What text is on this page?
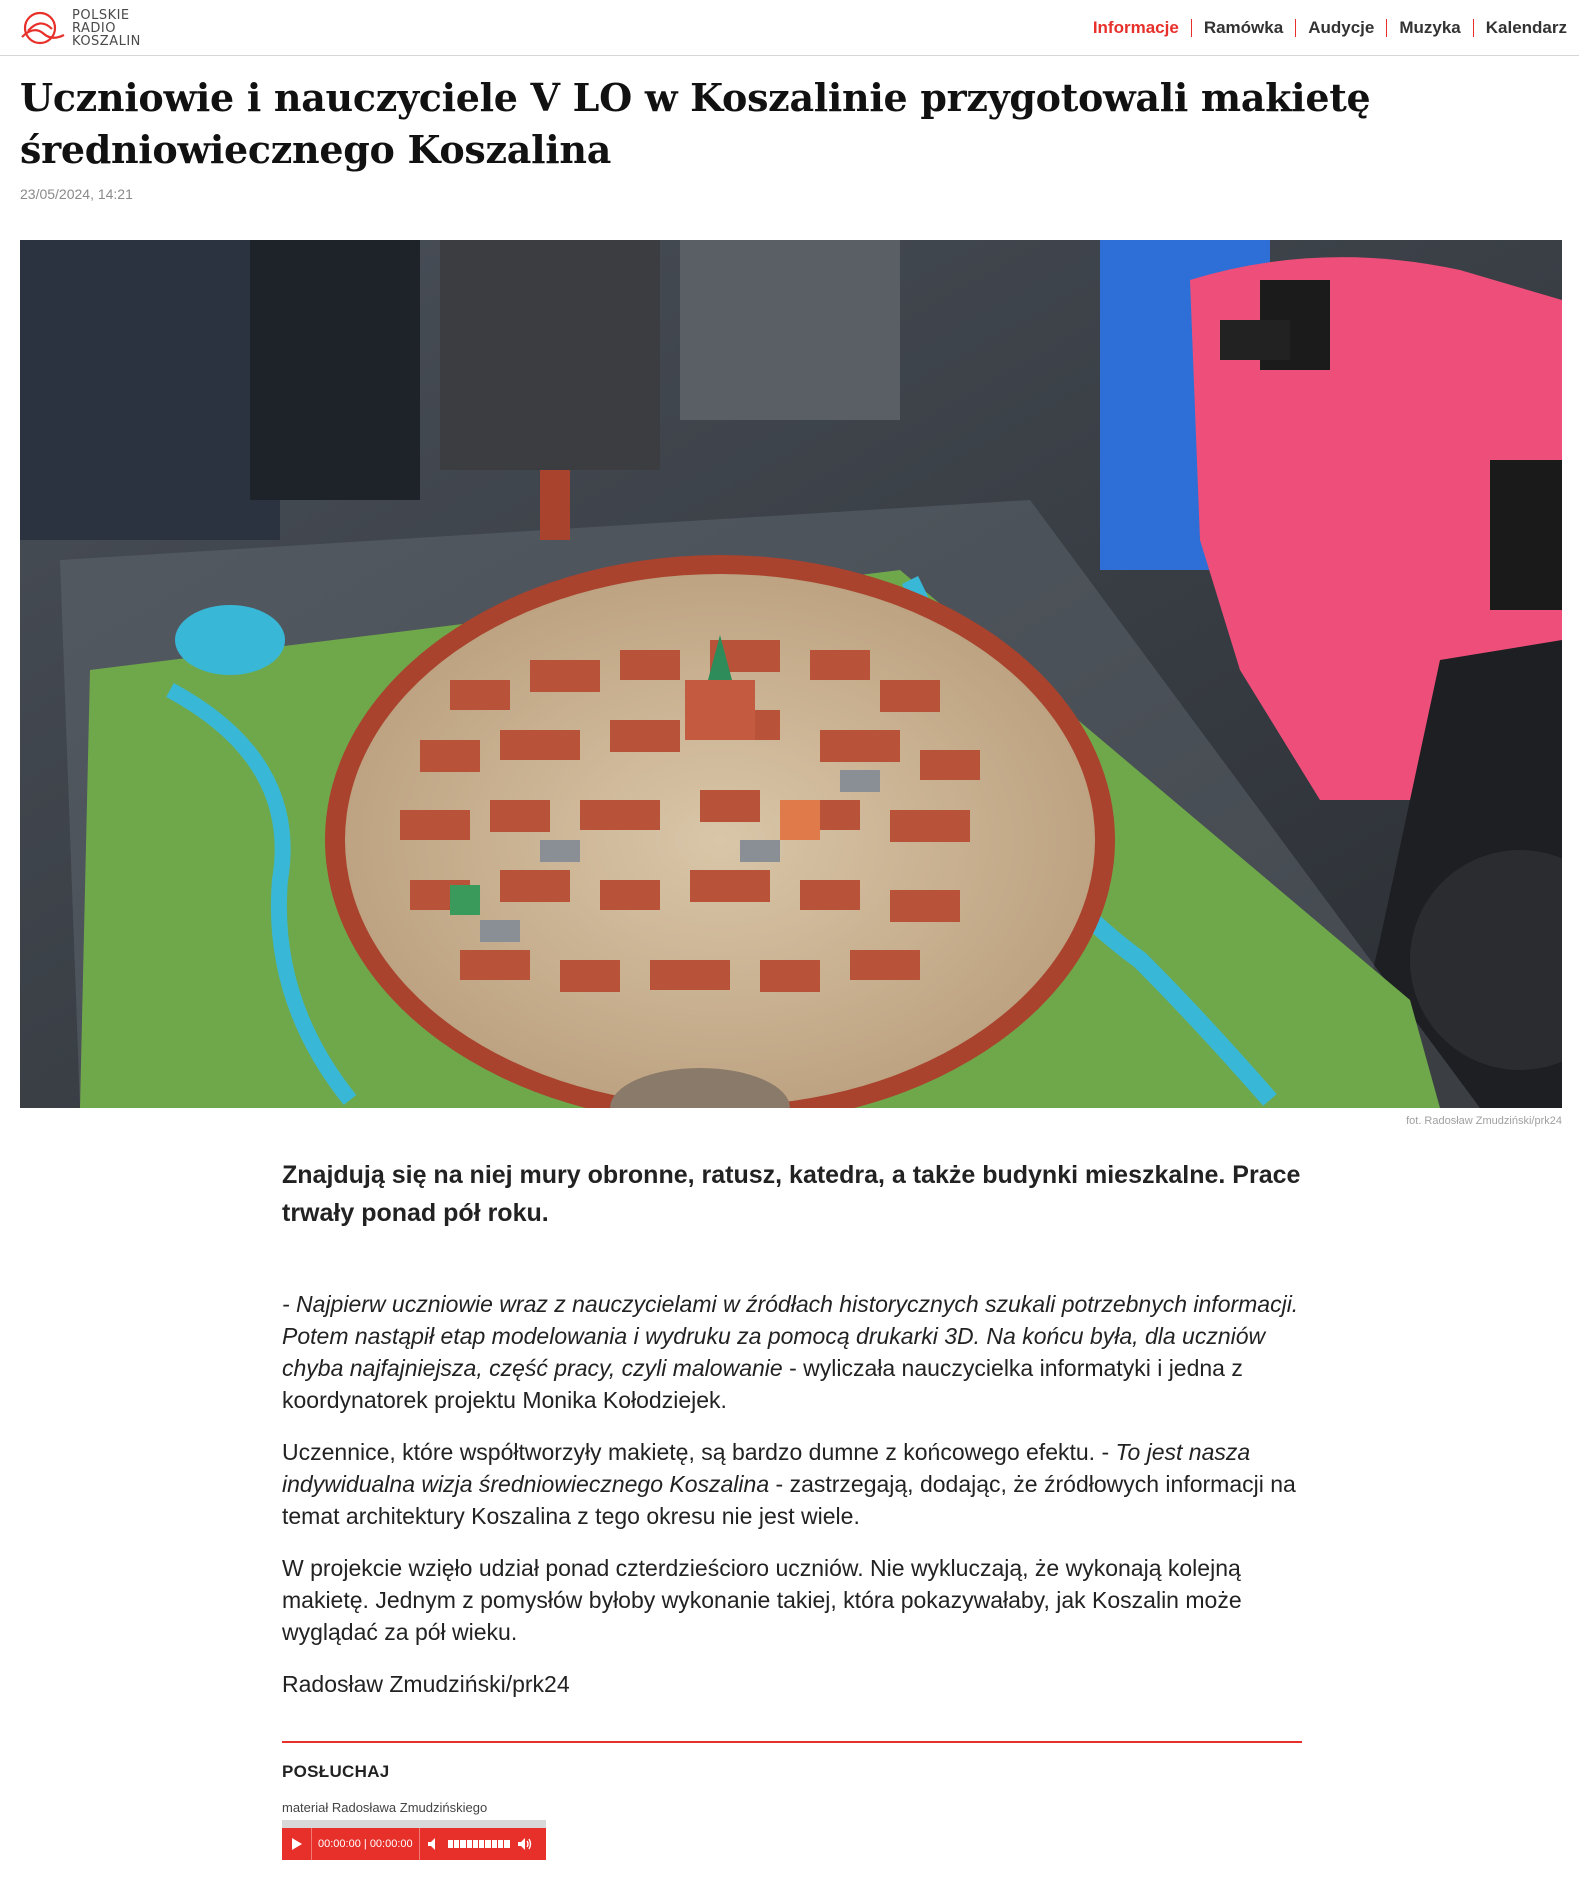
POLSKIE
RADIO
KOSZALIN
Informacje	Ramówka	Audycje	Muzyka	Kalendarz
Uczniowie i nauczyciele V LO w Koszalinie przygotowali makietę średniowiecznego Koszalina
23/05/2024, 14:21
fot. Radosław Zmudziński/prk24

Znajdują się na niej mury obronne, ratusz, katedra, a także budynki mieszkalne. Prace trwały ponad pół roku.

- Najpierw uczniowie wraz z nauczycielami w źródłach historycznych szukali potrzebnych informacji. Potem nastąpił etap modelowania i wydruku za pomocą drukarki 3D. Na końcu była, dla uczniów chyba najfajniejsza, część pracy, czyli malowanie - wyliczała nauczycielka informatyki i jedna z koordynatorek projektu Monika Kołodziejek.

Uczennice, które współtworzyły makietę, są bardzo dumne z końcowego efektu. - To jest nasza indywidualna wizja średniowiecznego Koszalina - zastrzegają, dodając, że źródłowych informacji na temat architektury Koszalina z tego okresu nie jest wiele.

W projekcie wzięło udział ponad czterdzieścioro uczniów. Nie wykluczają, że wykonają kolejną makietę. Jednym z pomysłów byłoby wykonanie takiej, która pokazywałaby, jak Koszalin może wyglądać za pół wieku.

Radosław Zmudziński/prk24

POSŁUCHAJ
materiał Radosława Zmudzińskiego
00:00:00 | 00:00:00
